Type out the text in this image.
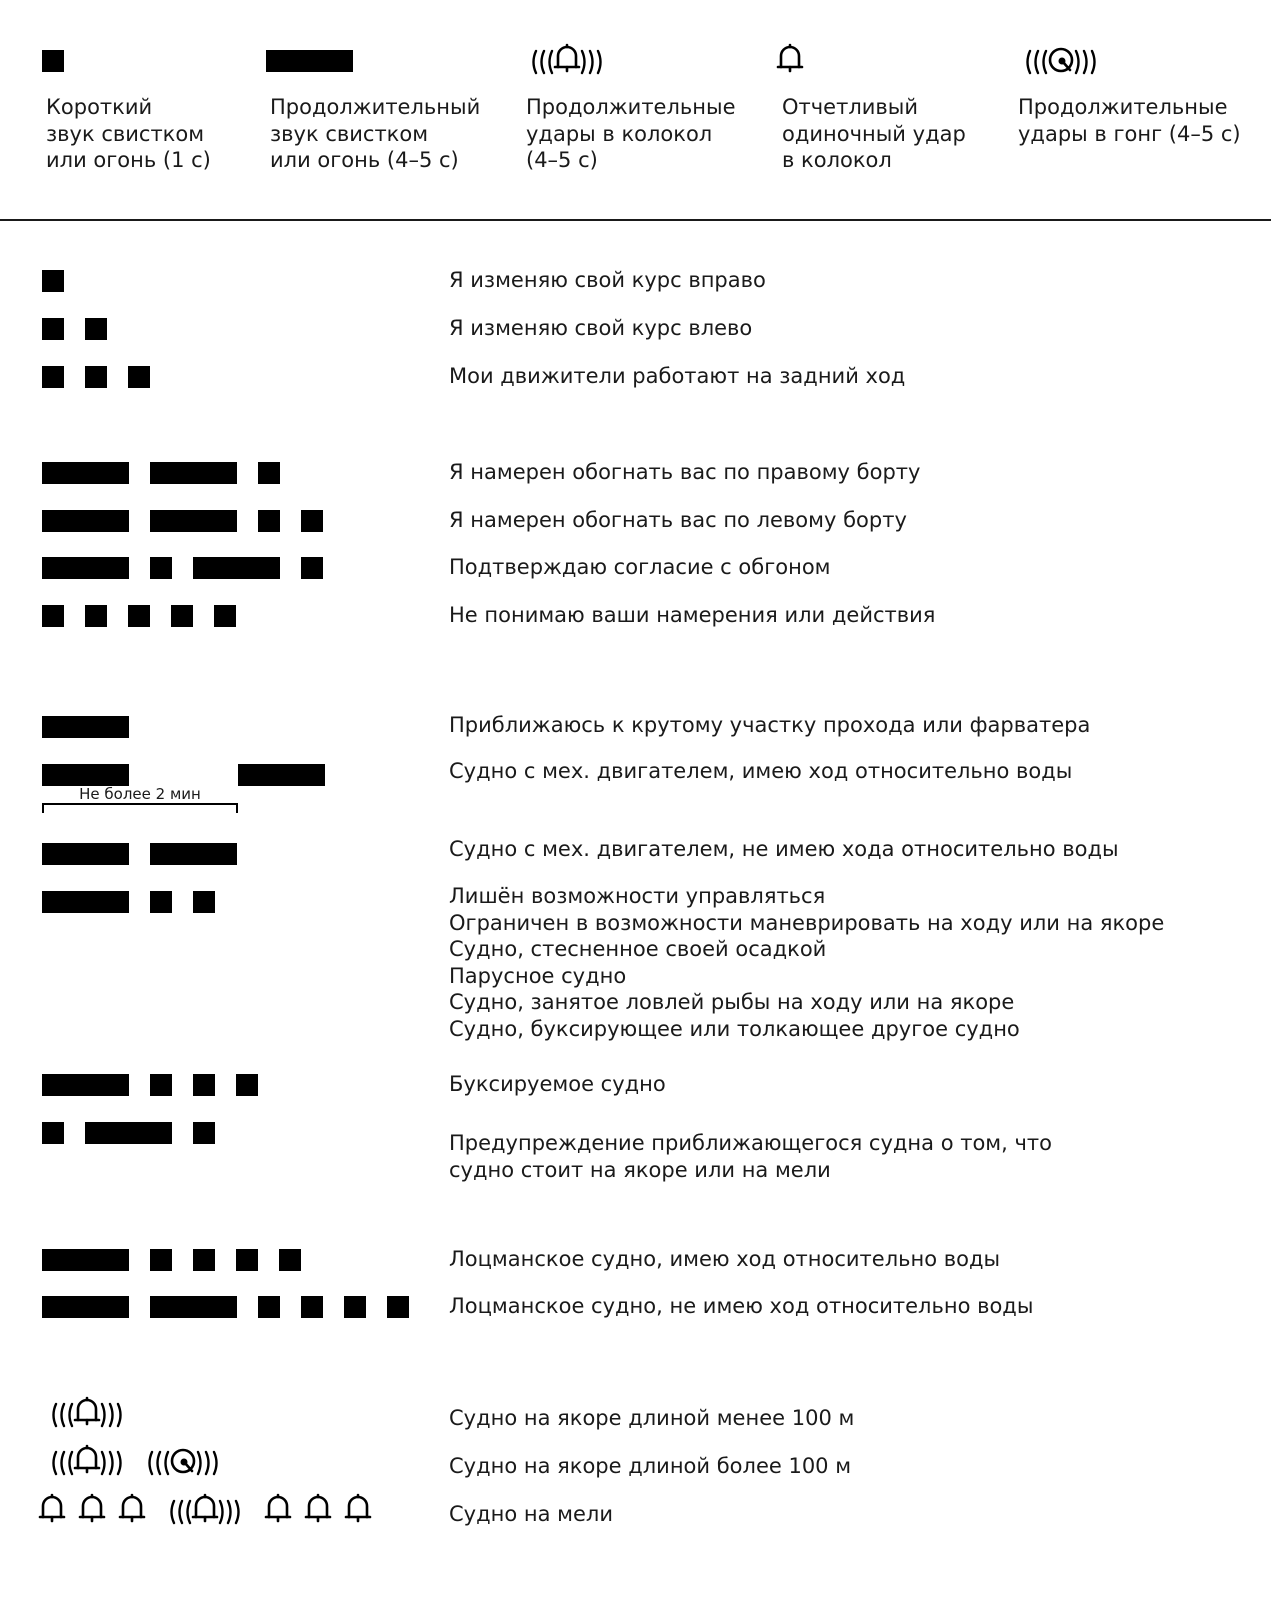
Короткий
звук свистком
или огонь (1 с)
Продолжительный
звук свистком
или огонь (4–5 с)
Продолжительные
удары в колокол
(4–5 с)
Отчетливый
одиночный удар
в колокол
Продолжительные
удары в гонг (4–5 с)
Не более 2 мин
Я изменяю свой курс вправо
Я изменяю свой курс влево
Мои движители работают на задний ход
Я намерен обогнать вас по правому борту
Я намерен обогнать вас по левому борту
Подтверждаю согласие с обгоном
Не понимаю ваши намерения или действия
Приближаюсь к крутому участку прохода или фарватера
Судно с мех. двигателем, имею ход относительно воды
Судно с мех. двигателем, не имею хода относительно воды
Лишён возможности управляться
Ограничен в возможности маневрировать на ходу или на якоре
Судно, стесненное своей осадкой
Парусное судно
Судно, занятое ловлей рыбы на ходу или на якоре
Судно, буксирующее или толкающее другое судно
Буксируемое судно
Предупреждение приближающегося судна о том, что
судно стоит на якоре или на мели
Лоцманское судно, имею ход относительно воды
Лоцманское судно, не имею ход относительно воды
Судно на якоре длиной менее 100 м
Судно на якоре длиной более 100 м
Судно на мели
